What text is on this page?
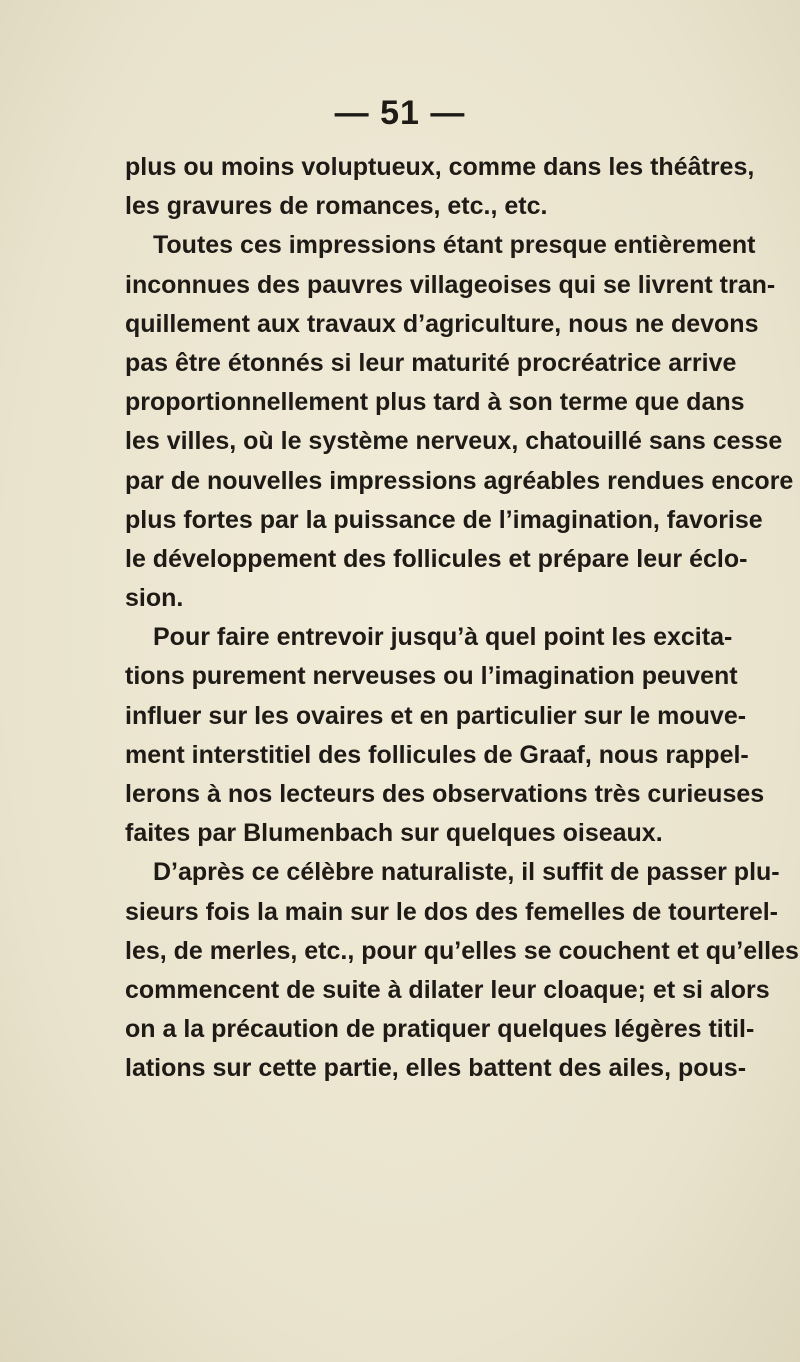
— 51 —
plus ou moins voluptueux, comme dans les théâtres,
les gravures de romances, etc., etc.
Toutes ces impressions étant presque entièrement
inconnues des pauvres villageoises qui se livrent tran-
quillement aux travaux d’agriculture, nous ne devons
pas être étonnés si leur maturité procréatrice arrive
proportionnellement plus tard à son terme que dans
les villes, où le système nerveux, chatouillé sans cesse
par de nouvelles impressions agréables rendues encore
plus fortes par la puissance de l’imagination, favorise
le développement des follicules et prépare leur éclo-
sion.
Pour faire entrevoir jusqu’à quel point les excita-
tions purement nerveuses ou l’imagination peuvent
influer sur les ovaires et en particulier sur le mouve-
ment interstitiel des follicules de Graaf, nous rappel-
lerons à nos lecteurs des observations très curieuses
faites par Blumenbach sur quelques oiseaux.
D’après ce célèbre naturaliste, il suffit de passer plu-
sieurs fois la main sur le dos des femelles de tourterel-
les, de merles, etc., pour qu’elles se couchent et qu’elles
commencent de suite à dilater leur cloaque; et si alors
on a la précaution de pratiquer quelques légères titil-
lations sur cette partie, elles battent des ailes, pous-
